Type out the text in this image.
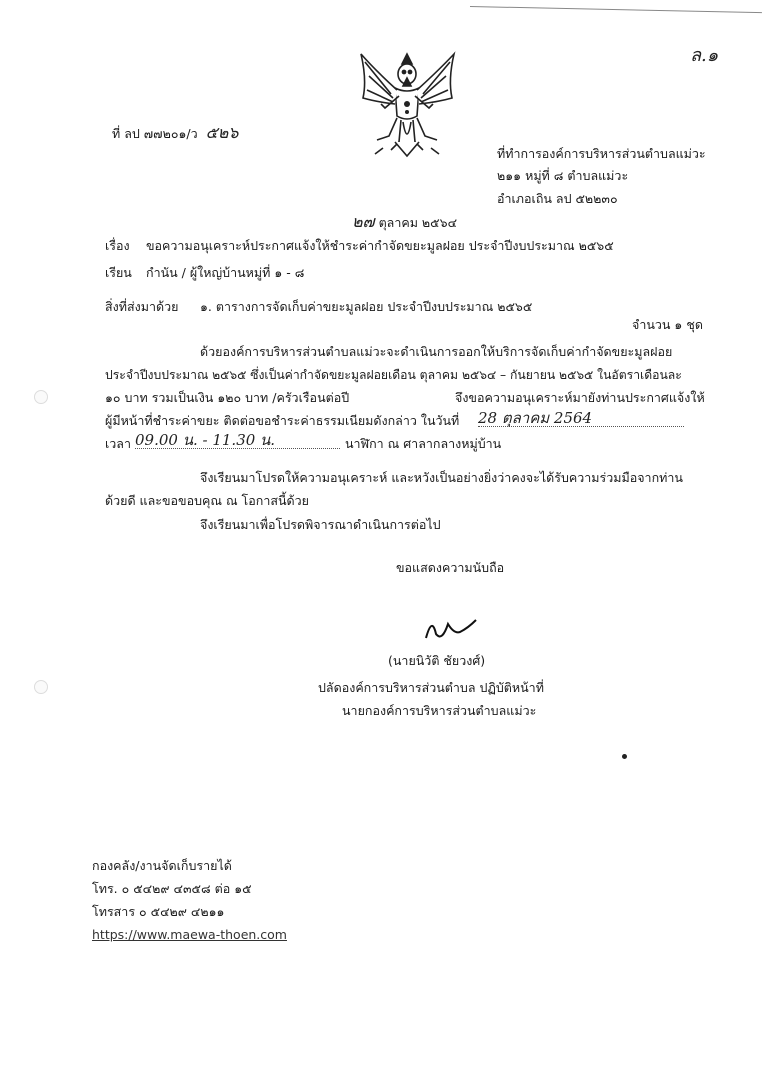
ล.๑
ที่ ลป ๗๗๒๐๑/ว ๕๒๖
ที่ทำการองค์การบริหารส่วนตำบลแม่วะ
๒๑๑ หมู่ที่ ๘ ตำบลแม่วะ
อำเภอเถิน ลป ๕๒๒๓๐
๒๗ ตุลาคม ๒๕๖๔
เรื่อง ขอความอนุเคราะห์ประกาศแจ้งให้ชำระค่ากำจัดขยะมูลฝอย ประจำปีงบประมาณ ๒๕๖๕
เรียน กำนัน / ผู้ใหญ่บ้านหมู่ที่ ๑ - ๘
สิ่งที่ส่งมาด้วย ๑. ตารางการจัดเก็บค่าขยะมูลฝอย ประจำปีงบประมาณ ๒๕๖๕
จำนวน ๑ ชุด
ด้วยองค์การบริหารส่วนตำบลแม่วะจะดำเนินการออกให้บริการจัดเก็บค่ากำจัดขยะมูลฝอย
ประจำปีงบประมาณ ๒๕๖๕ ซึ่งเป็นค่ากำจัดขยะมูลฝอยเดือน ตุลาคม ๒๕๖๔ – กันยายน ๒๕๖๕ ในอัตราเดือนละ
๑๐ บาท รวมเป็นเงิน ๑๒๐ บาท /ครัวเรือนต่อปี	จึงขอความอนุเคราะห์มายังท่านประกาศแจ้งให้
ผู้มีหน้าที่ชำระค่าขยะ ติดต่อขอชำระค่าธรรมเนียมดังกล่าว ในวันที่ 28 ตุลาคม 2564
เวลา 09.00 น. - 11.30 น.	นาฬิกา ณ ศาลากลางหมู่บ้าน
จึงเรียนมาโปรดให้ความอนุเคราะห์ และหวังเป็นอย่างยิ่งว่าคงจะได้รับความร่วมมือจากท่าน
ด้วยดี และขอขอบคุณ ณ โอกาสนี้ด้วย
จึงเรียนมาเพื่อโปรดพิจารณาดำเนินการต่อไป
ขอแสดงความนับถือ
(นายนิวัติ ชัยวงศ์)
ปลัดองค์การบริหารส่วนตำบล ปฏิบัติหน้าที่
นายกองค์การบริหารส่วนตำบลแม่วะ
กองคลัง/งานจัดเก็บรายได้
โทร. ๐ ๕๔๒๙ ๔๓๕๘ ต่อ ๑๕
โทรสาร ๐ ๕๔๒๙ ๔๒๑๑
https://www.maewa-thoen.com
